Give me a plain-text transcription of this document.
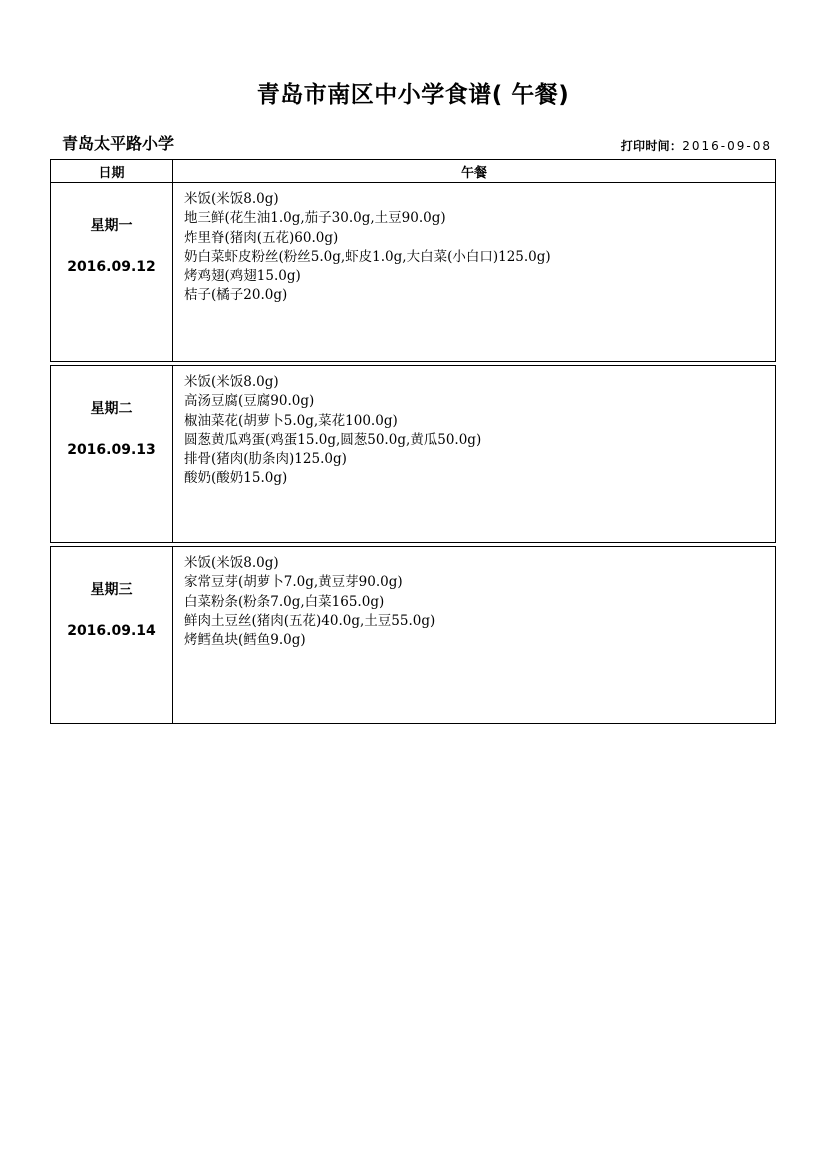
青岛市南区中小学食谱( 午餐)
青岛太平路小学	打印时间：2016-09-08
日期	午餐
星期一
2016.09.12
米饭(米饭8.0g)
地三鲜(花生油1.0g,茄子30.0g,土豆90.0g)
炸里脊(猪肉(五花)60.0g)
奶白菜虾皮粉丝(粉丝5.0g,虾皮1.0g,大白菜(小白口)125.0g)
烤鸡翅(鸡翅15.0g)
桔子(橘子20.0g)
星期二
2016.09.13
米饭(米饭8.0g)
高汤豆腐(豆腐90.0g)
椒油菜花(胡萝卜5.0g,菜花100.0g)
圆葱黄瓜鸡蛋(鸡蛋15.0g,圆葱50.0g,黄瓜50.0g)
排骨(猪肉(肋条肉)125.0g)
酸奶(酸奶15.0g)
星期三
2016.09.14
米饭(米饭8.0g)
家常豆芽(胡萝卜7.0g,黄豆芽90.0g)
白菜粉条(粉条7.0g,白菜165.0g)
鲜肉土豆丝(猪肉(五花)40.0g,土豆55.0g)
烤鳕鱼块(鳕鱼9.0g)
